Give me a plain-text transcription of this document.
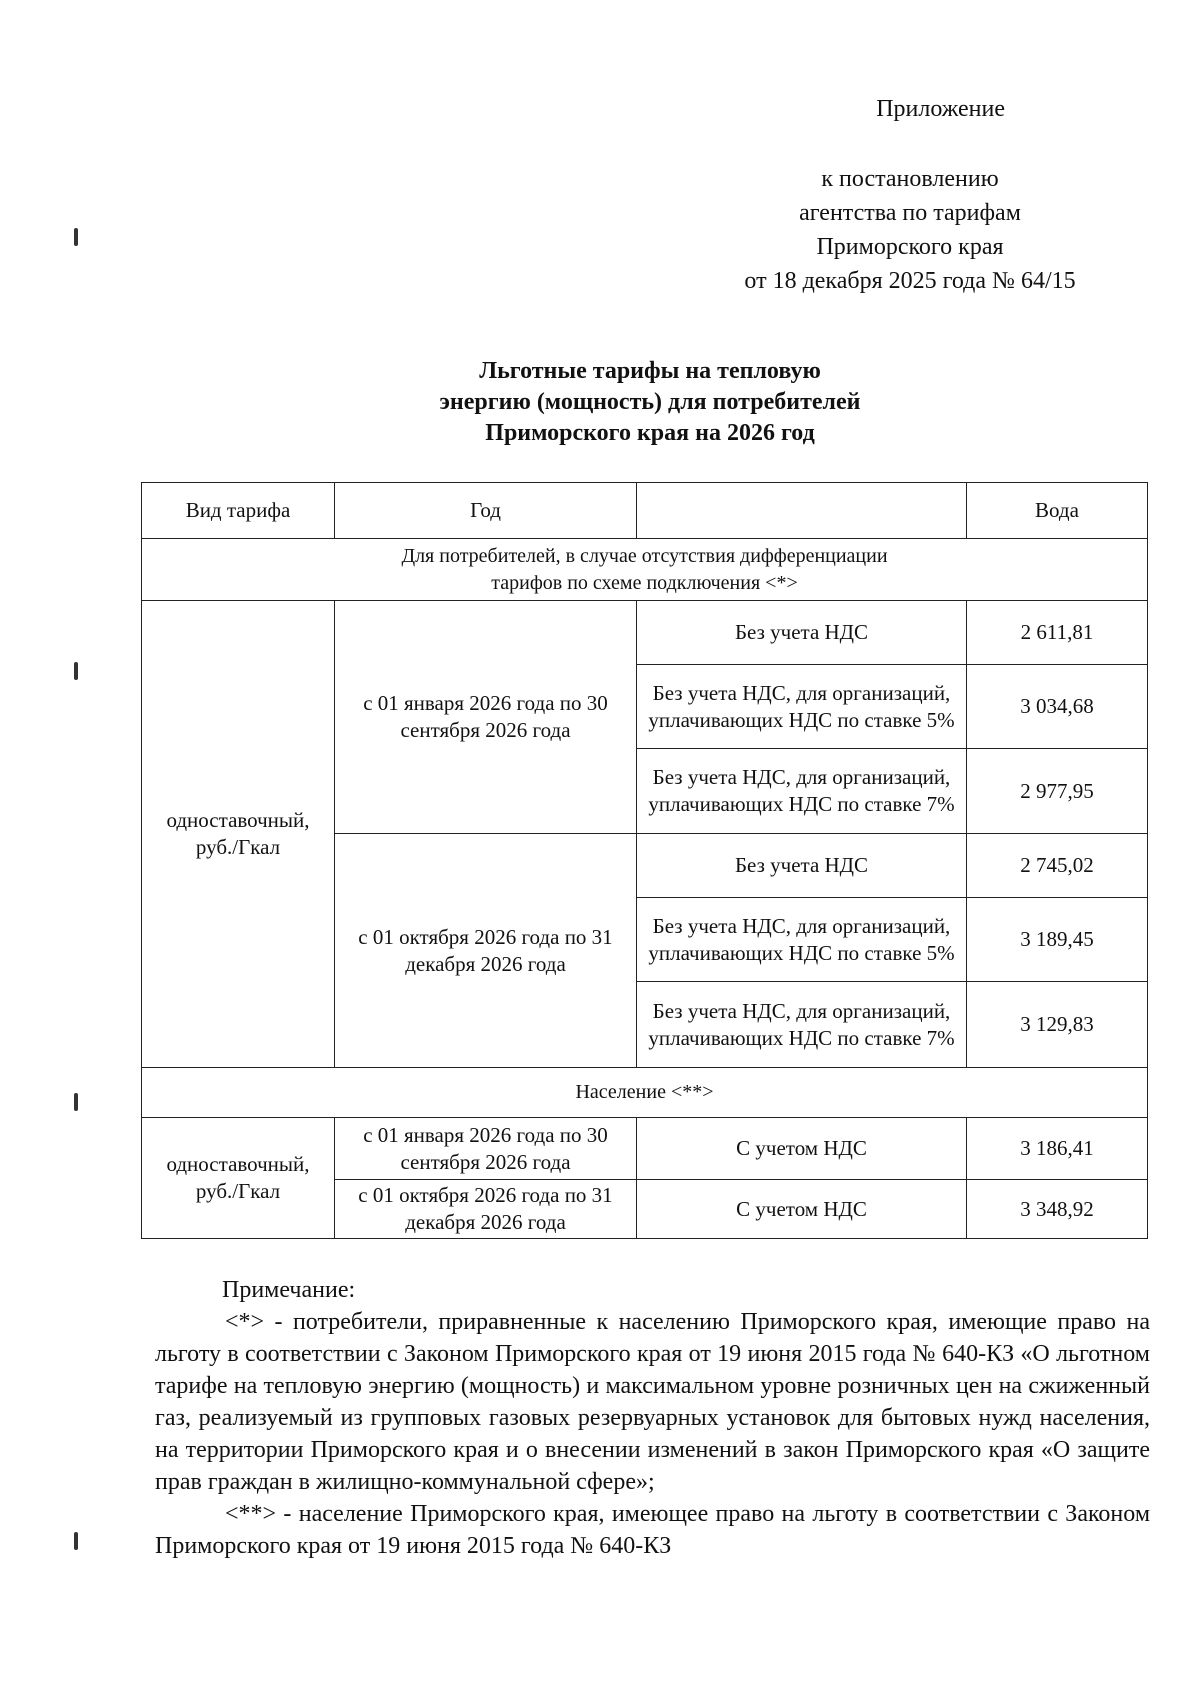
Приложение
к постановлению
агентства по тарифам
Приморского края
от 18 декабря 2025 года № 64/15
Льготные тарифы на тепловую
энергию (мощность) для потребителей
Приморского края на 2026 год
Вид тарифа	Год		Вода

Для потребителей, в случае отсутствия дифференциации
тарифов по схеме подключения <*>			

одноставочный, руб./Гкал	с 01 января 2026 года по 30 сентября 2026 года	Без учета НДС	2 611,81
		Без учета НДС, для организаций, уплачивающих НДС по ставке 5%	3 034,68
		Без учета НДС, для организаций, уплачивающих НДС по ставке 7%	2 977,95
	с 01 октября 2026 года по 31 декабря 2026 года	Без учета НДС	2 745,02
		Без учета НДС, для организаций, уплачивающих НДС по ставке 5%	3 189,45
		Без учета НДС, для организаций, уплачивающих НДС по ставке 7%	3 129,83
Население <**>			
одноставочный, руб./Гкал	с 01 января 2026 года по 30 сентября 2026 года	С учетом НДС	3 186,41
	с 01 октября 2026 года по 31 декабря 2026 года	С учетом НДС	3 348,92

Примечание:

<*> - потребители, приравненные к населению Приморского края, имеющие право на льготу в соответствии с Законом Приморского края от 19 июня 2015 года № 640-КЗ «О льготном тарифе на тепловую энергию (мощность) и максимальном уровне розничных цен на сжиженный газ, реализуемый из групповых газовых резервуарных установок для бытовых нужд населения, на территории Приморского края и о внесении изменений в закон Приморского края «О защите прав граждан в жилищно-коммунальной сфере»;

<**> - население Приморского края, имеющее право на льготу в соответствии с Законом Приморского края от 19 июня 2015 года № 640-КЗ
